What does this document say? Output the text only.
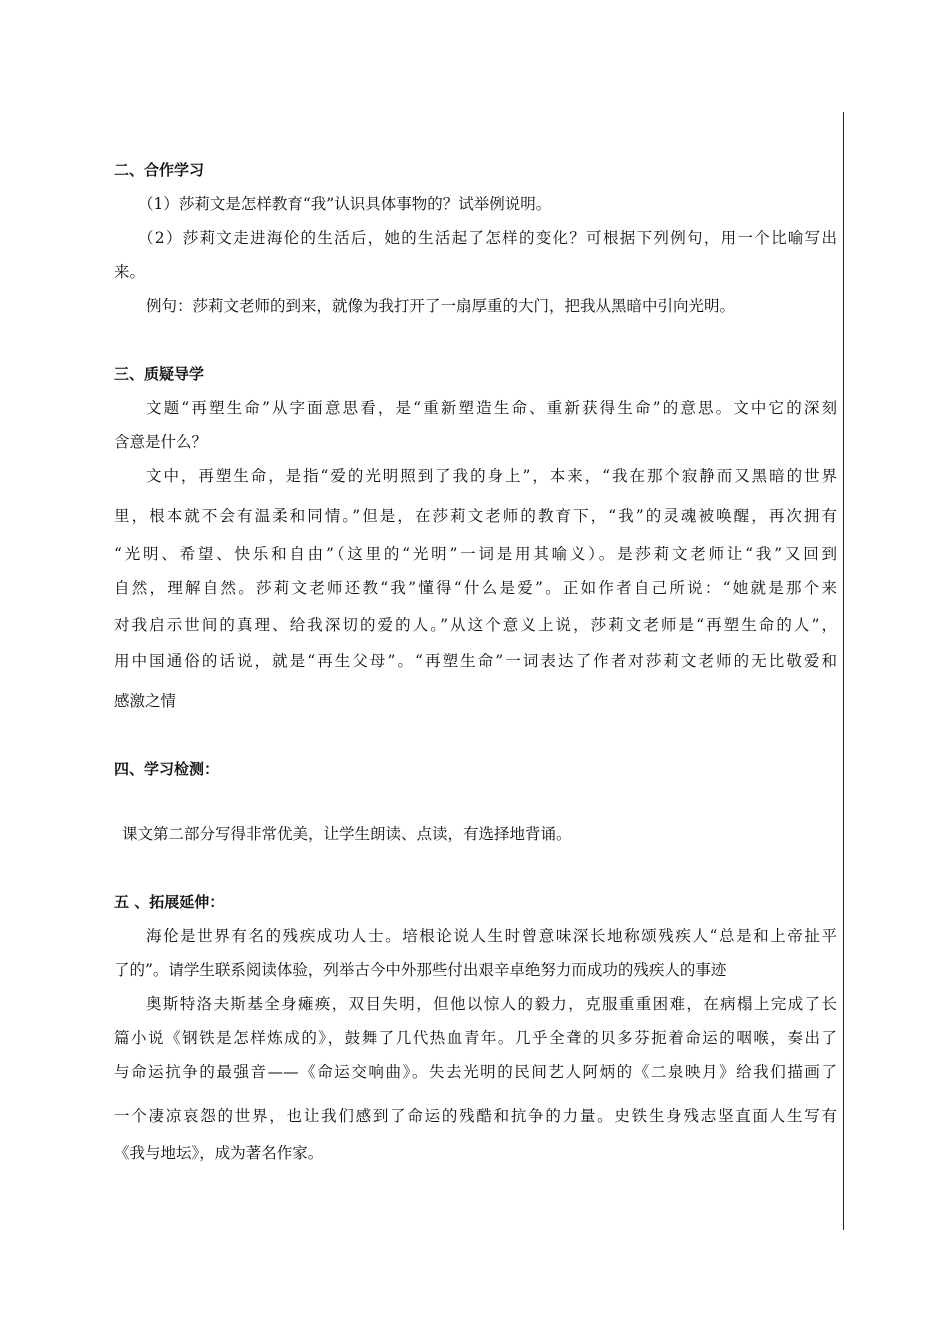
二、合作学习
（1）莎莉文是怎样教育“我”认识具体事物的？试举例说明。
（2）莎莉文走进海伦的生活后，她的生活起了怎样的变化？可根据下列例句，用一个比喻写出
来。
例句：莎莉文老师的到来，就像为我打开了一扇厚重的大门，把我从黑暗中引向光明。
三、质疑导学
文题“再塑生命”从字面意思看，是“重新塑造生命、重新获得生命”的意思。文中它的深刻
含意是什么？
文中，再塑生命，是指“爱的光明照到了我的身上”，本来，“我在那个寂静而又黑暗的世界
里，根本就不会有温柔和同情。”但是，在莎莉文老师的教育下，“我”的灵魂被唤醒，再次拥有
“光明、希望、快乐和自由”（这里的“光明”一词是用其喻义）。是莎莉文老师让“我”又回到
自然，理解自然。莎莉文老师还教“我”懂得“什么是爱”。正如作者自己所说：“她就是那个来
对我启示世间的真理、给我深切的爱的人。”从这个意义上说，莎莉文老师是“再塑生命的人”，
用中国通俗的话说，就是“再生父母”。“再塑生命”一词表达了作者对莎莉文老师的无比敬爱和
感激之情
四、学习检测：
课文第二部分写得非常优美，让学生朗读、点读，有选择地背诵。
五 、拓展延伸：
海伦是世界有名的残疾成功人士。培根论说人生时曾意味深长地称颂残疾人“总是和上帝扯平
了的”。请学生联系阅读体验，列举古今中外那些付出艰辛卓绝努力而成功的残疾人的事迹
奥斯特洛夫斯基全身瘫痪，双目失明，但他以惊人的毅力，克服重重困难，在病榻上完成了长
篇小说《钢铁是怎样炼成的》，鼓舞了几代热血青年。几乎全聋的贝多芬扼着命运的咽喉，奏出了
与命运抗争的最强音——《命运交响曲》。失去光明的民间艺人阿炳的《二泉映月》给我们描画了
一个凄凉哀怨的世界，也让我们感到了命运的残酷和抗争的力量。史铁生身残志坚直面人生写有
《我与地坛》，成为著名作家。
